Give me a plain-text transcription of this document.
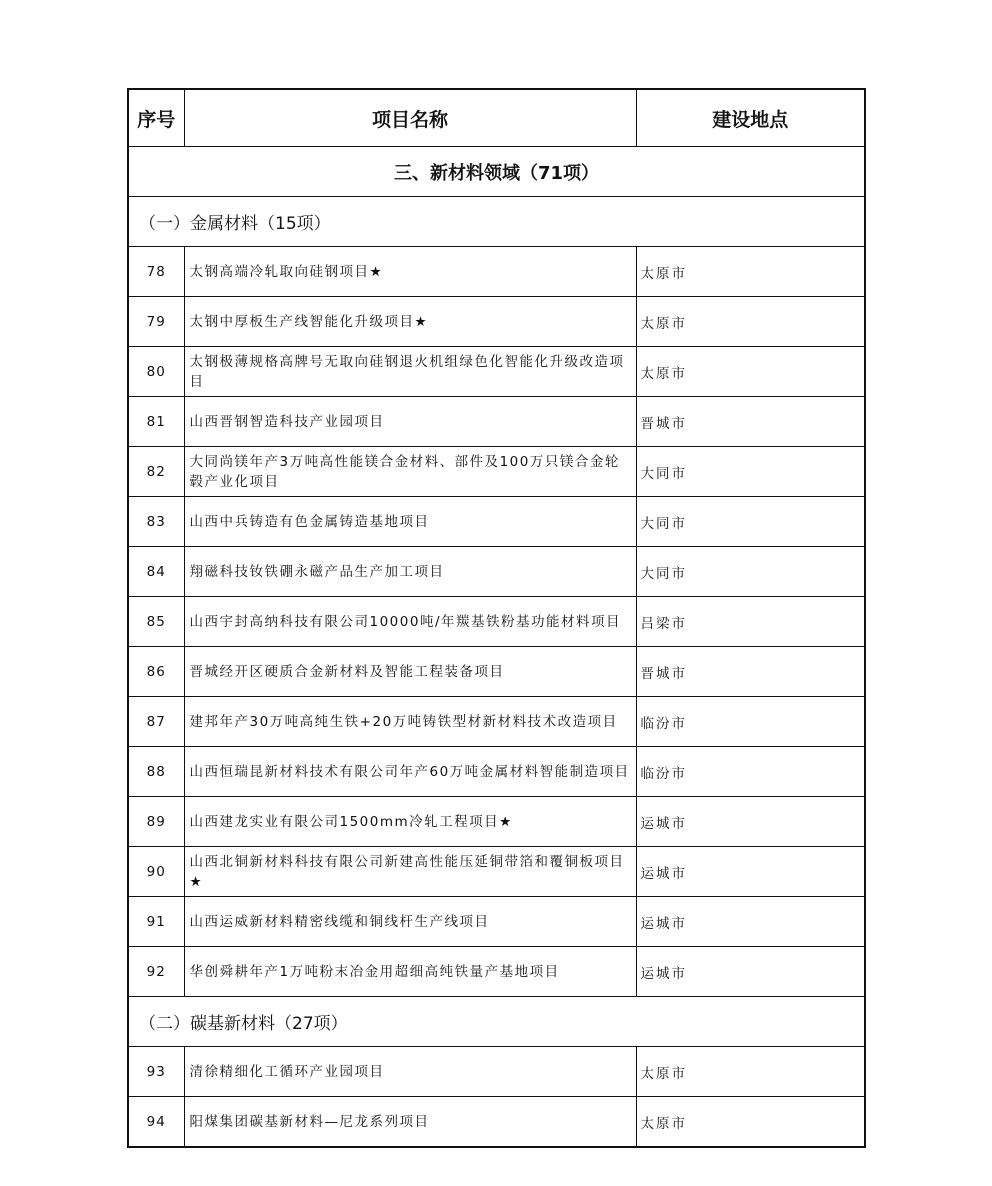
序号	项目名称	建设地点
三、新材料领域（71项）		
（一）金属材料（15项）		
78	太钢高端冷轧取向硅钢项目★	太原市
79	太钢中厚板生产线智能化升级项目★	太原市
80	太钢极薄规格高牌号无取向硅钢退火机组绿色化智能化升级改造项目	太原市
81	山西晋钢智造科技产业园项目	晋城市
82	大同尚镁年产3万吨高性能镁合金材料、部件及100万只镁合金轮毂产业化项目	大同市
83	山西中兵铸造有色金属铸造基地项目	大同市
84	翔磁科技钕铁硼永磁产品生产加工项目	大同市
85	山西宇封高纳科技有限公司10000吨/年羰基铁粉基功能材料项目	吕梁市
86	晋城经开区硬质合金新材料及智能工程装备项目	晋城市
87	建邦年产30万吨高纯生铁+20万吨铸铁型材新材料技术改造项目	临汾市
88	山西恒瑞昆新材料技术有限公司年产60万吨金属材料智能制造项目	临汾市
89	山西建龙实业有限公司1500mm冷轧工程项目★	运城市
90	山西北铜新材料科技有限公司新建高性能压延铜带箔和覆铜板项目★	运城市
91	山西运威新材料精密线缆和铜线杆生产线项目	运城市
92	华创舜耕年产1万吨粉末冶金用超细高纯铁量产基地项目	运城市
（二）碳基新材料（27项）		
93	清徐精细化工循环产业园项目	太原市
94	阳煤集团碳基新材料—尼龙系列项目	太原市
